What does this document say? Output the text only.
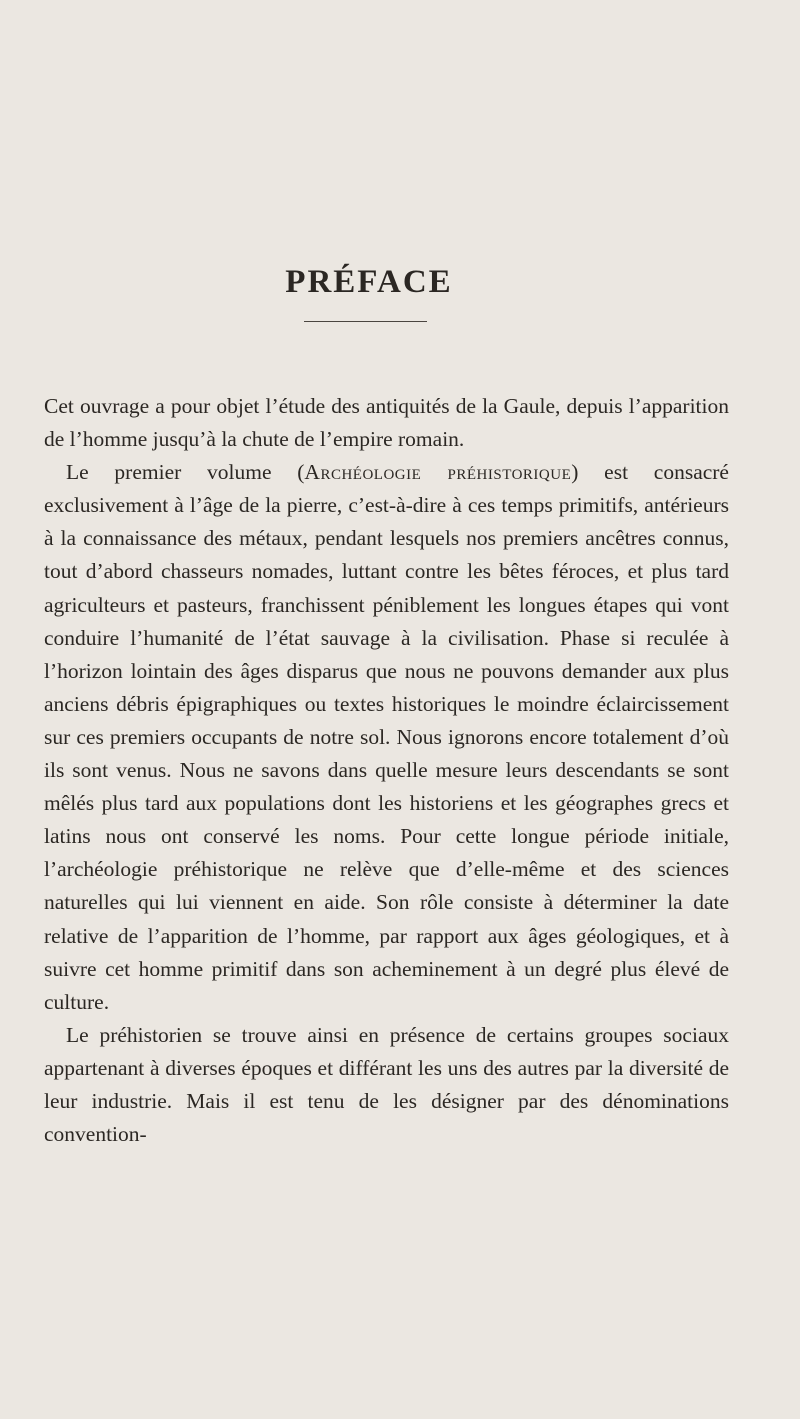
PRÉFACE

Cet ouvrage a pour objet l’étude des antiquités de la Gaule, depuis l’apparition de l’homme jusqu’à la chute de l’empire romain.

Le premier volume (Archéologie préhistorique) est consacré exclusivement à l’âge de la pierre, c’est-à-dire à ces temps primitifs, antérieurs à la connaissance des métaux, pendant lesquels nos premiers ancêtres connus, tout d’abord chasseurs nomades, luttant contre les bêtes féroces, et plus tard agriculteurs et pasteurs, franchissent péniblement les longues étapes qui vont conduire l’humanité de l’état sauvage à la civilisation. Phase si reculée à l’horizon lointain des âges disparus que nous ne pouvons demander aux plus anciens débris épigraphiques ou textes historiques le moindre éclaircissement sur ces premiers occupants de notre sol. Nous ignorons encore totalement d’où ils sont venus. Nous ne savons dans quelle mesure leurs descendants se sont mêlés plus tard aux populations dont les historiens et les géographes grecs et latins nous ont conservé les noms. Pour cette longue période initiale, l’archéologie préhistorique ne relève que d’elle-même et des sciences naturelles qui lui viennent en aide. Son rôle consiste à déterminer la date relative de l’apparition de l’homme, par rapport aux âges géologiques, et à suivre cet homme primitif dans son acheminement à un degré plus élevé de culture.

Le préhistorien se trouve ainsi en présence de certains groupes sociaux appartenant à diverses époques et différant les uns des autres par la diversité de leur industrie. Mais il est tenu de les désigner par des dénominations convention-
